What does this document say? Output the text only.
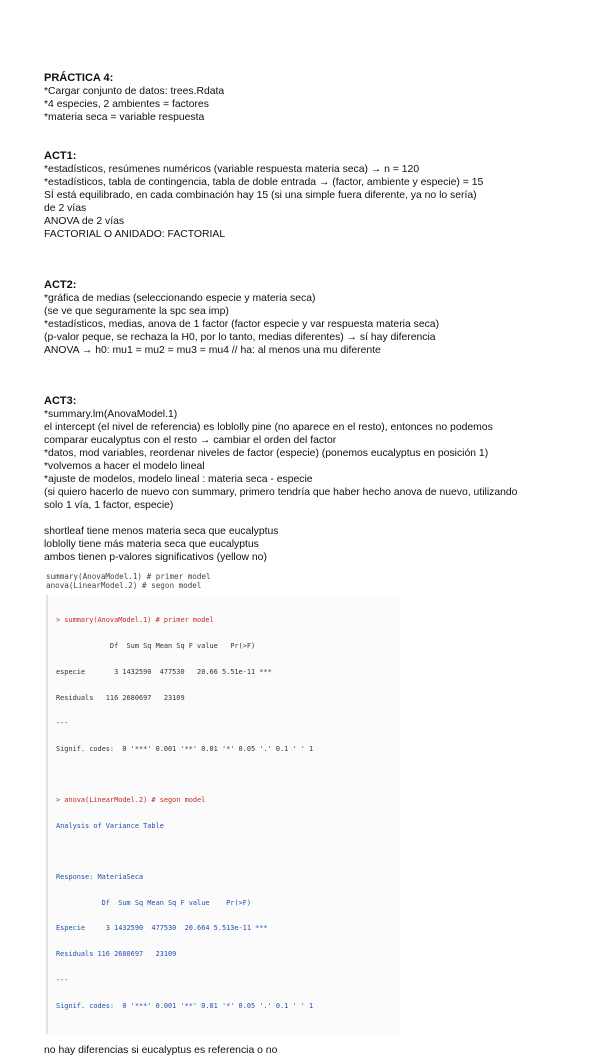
PRÁCTICA 4:
*Cargar conjunto de datos: trees.Rdata
*4 especies, 2 ambientes = factores
*materia seca = variable respuesta
ACT1:
*estadísticos, resúmenes numéricos (variable respuesta materia seca) → n = 120
*estadísticos, tabla de contingencia, tabla de doble entrada → (factor, ambiente y especie) = 15
SÍ está equilibrado, en cada combinación hay 15 (si una simple fuera diferente, ya no lo sería)
de 2 vías
ANOVA de 2 vías
FACTORIAL O ANIDADO: FACTORIAL
ACT2:
*gráfica de medias (seleccionando especie y materia seca)
(se ve que seguramente la spc sea imp)
*estadísticos, medias, anova de 1 factor (factor especie y var respuesta materia seca)
(p-valor peque, se rechaza la H0, por lo tanto, medias diferentes) → sí hay diferencia
ANOVA → h0: mu1 = mu2 = mu3 = mu4 // ha: al menos una mu diferente
ACT3:
*summary.lm(AnovaModel.1)
el intercept (el nivel de referencia) es loblolly pine (no aparece en el resto), entonces no podemos
comparar eucalyptus con el resto → cambiar el orden del factor
*datos, mod variables, reordenar niveles de factor (especie) (ponemos eucalyptus en posición 1)
*volvemos a hacer el modelo lineal
*ajuste de modelos, modelo lineal : materia seca - especie
(si quiero hacerlo de nuevo con summary, primero tendría que haber hecho anova de nuevo, utilizando
solo 1 vía, 1 factor, especie)
shortleaf tiene menos materia seca que eucalyptus
loblolly tiene más materia seca que eucalyptus
ambos tienen p-valores significativos (yellow no)
summary(AnovaModel.1) # primer model
anova(LinearModel.2) # segon model

> summary(AnovaModel.1) # primer model

Df  Sum Sq Mean Sq F value   Pr(>F)

especie       3 1432590  477530   20.66 5.51e-11 ***

Residuals   116 2680697   23109

---

Signif. codes:  0 '***' 0.001 '**' 0.01 '*' 0.05 '.' 0.1 ' ' 1

> anova(LinearModel.2) # segon model

Analysis of Variance Table

Response: MateriaSeca

Df  Sum Sq Mean Sq F value    Pr(>F)

Especie     3 1432590  477530  20.664 5.513e-11 ***

Residuals 116 2680697   23109

---

Signif. codes:  0 '***' 0.001 '**' 0.01 '*' 0.05 '.' 0.1 ' ' 1

no hay diferencias si eucalyptus es referencia o no
